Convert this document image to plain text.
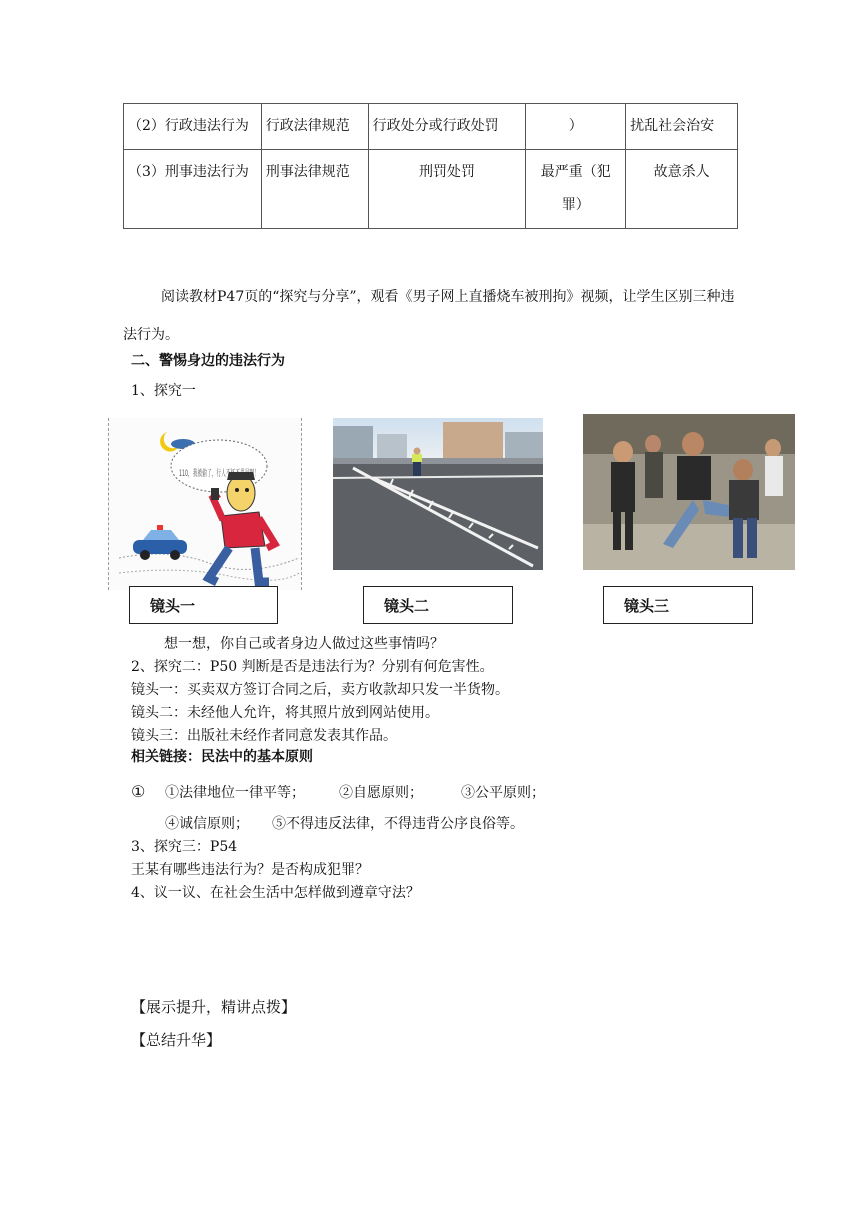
（2）行政违法行为	行政法律规范	行政处分或行政处罚	）	扰乱社会治安
（3）刑事违法行为	刑事法律规范	刑罚处罚	最严重（犯罪）	故意杀人
阅读教材P47页的“探究与分享”，观看《男子网上直播烧车被刑拘》视频，让学生区别三种违法行为。
二、警惕身边的违法行为
1、探究一
110，我被偷了，行人不怀不思是啊！
镜头一	镜头二	镜头三
想一想，你自己或者身边人做过这些事情吗？
2、探究二：P50 判断是否是违法行为？分别有何危害性。
镜头一：买卖双方签订合同之后，卖方收款却只发一半货物。
镜头二：未经他人允许，将其照片放到网站使用。
镜头三：出版社未经作者同意发表其作品。
相关链接：民法中的基本原则
① ①法律地位一律平等； ②自愿原则；	③公平原则；
④诚信原则； ⑤不得违反法律，不得违背公序良俗等。
3、探究三：P54
王某有哪些违法行为？是否构成犯罪？
4、议一议、在社会生活中怎样做到遵章守法？
【展示提升，精讲点拨】
【总结升华】
